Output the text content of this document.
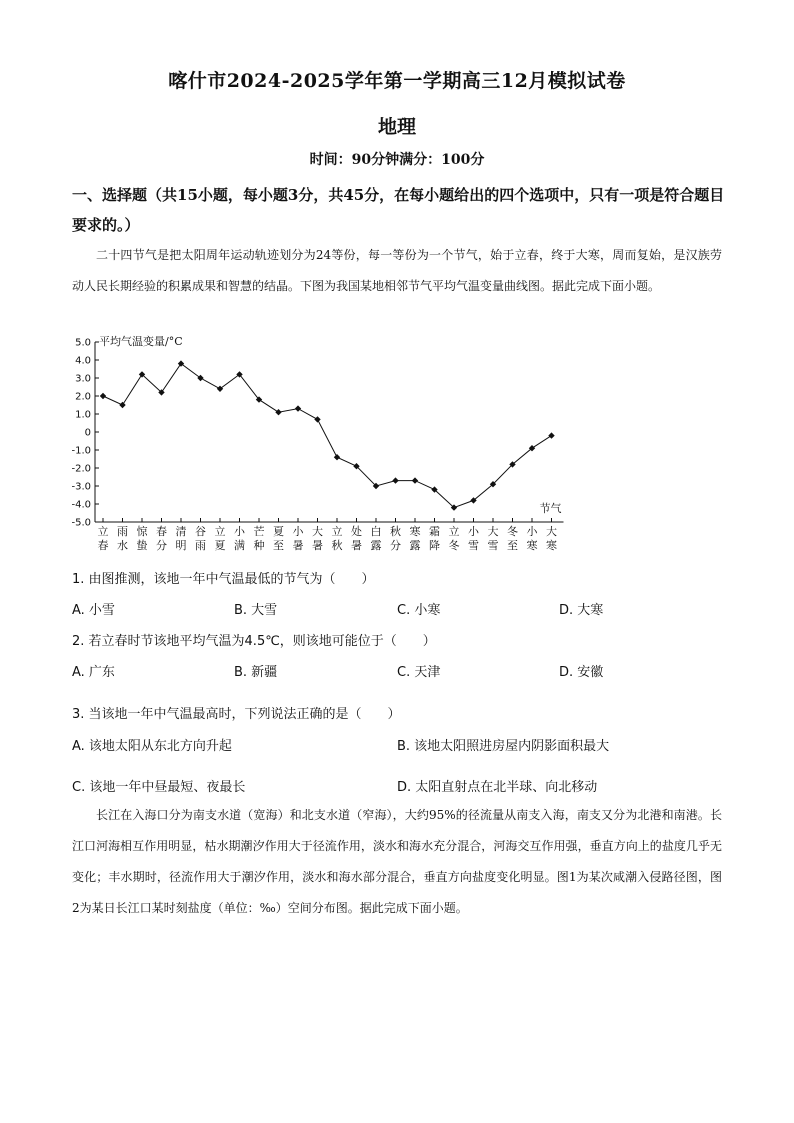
喀什市2024-2025学年第一学期高三12月模拟试卷
地理
时间：90分钟满分：100分
一、选择题（共15小题，每小题3分，共45分，在每小题给出的四个选项中，只有一项是符合题目要求的。）
二十四节气是把太阳周年运动轨迹划分为24等份，每一等份为一个节气，始于立春，终于大寒，周而复始，是汉族劳动人民长期经验的积累成果和智慧的结晶。下图为我国某地相邻节气平均气温变量曲线图。据此完成下面小题。
5.0
4.0
3.0
2.0
1.0
0
-1.0
-2.0
-3.0
-4.0
-5.0
立
春
雨
水
惊
蛰
春
分
清
明
谷
雨
立
夏
小
满
芒
种
夏
至
小
暑
大
暑
立
秋
处
暑
白
露
秋
分
寒
露
霜
降
立
冬
小
雪
大
雪
冬
至
小
寒
大
寒
平均气温变量/°C
节气
1. 由图推测，该地一年中气温最低的节气为（　　）
A. 小雪	B. 大雪	C. 小寒	D. 大寒
2. 若立春时节该地平均气温为4.5℃，则该地可能位于（　　）
A. 广东	B. 新疆	C. 天津	D. 安徽
3. 当该地一年中气温最高时，下列说法正确的是（　　）
A. 该地太阳从东北方向升起	B. 该地太阳照进房屋内阴影面积最大
C. 该地一年中昼最短、夜最长	D. 太阳直射点在北半球、向北移动
长江在入海口分为南支水道（宽海）和北支水道（窄海），大约95%的径流量从南支入海，南支又分为北港和南港。长江口河海相互作用明显，枯水期潮汐作用大于径流作用，淡水和海水充分混合，河海交互作用强，垂直方向上的盐度几乎无变化；丰水期时，径流作用大于潮汐作用，淡水和海水部分混合，垂直方向盐度变化明显。图1为某次咸潮入侵路径图，图2为某日长江口某时刻盐度（单位：‰）空间分布图。据此完成下面小题。
